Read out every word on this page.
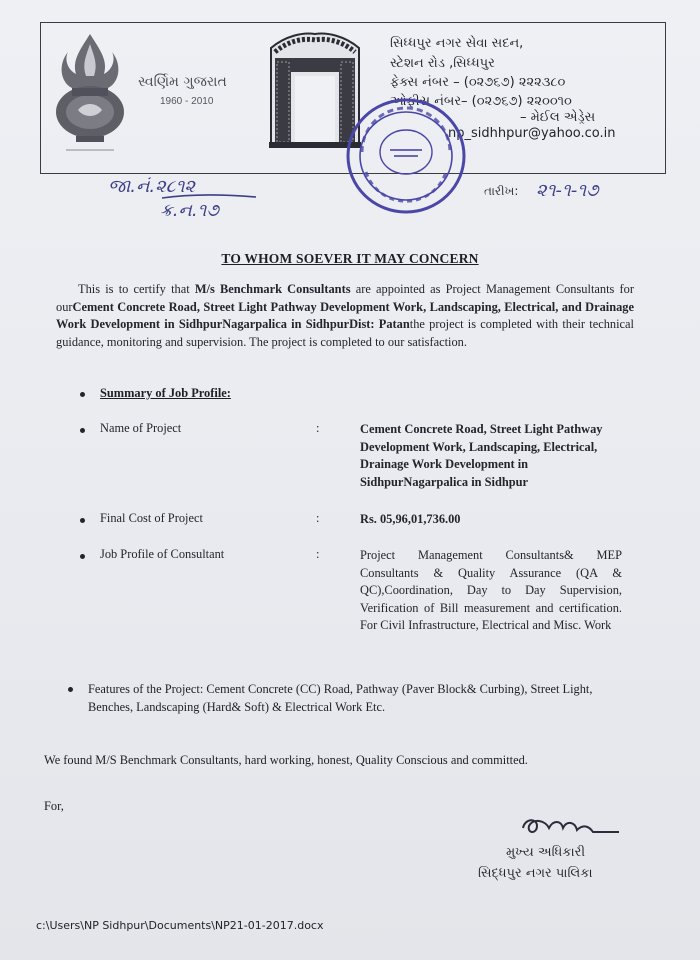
સ્વર્ણિમ ગુજરાત
1960 - 2010
સિધ્ધપુર નગર સેવા સદન,
સ્ટેશન રોડ ,સિધ્ધપુર
ફેક્સ નંબર – (૦૨૭૬૭) ૨૨૨૩૮૦
ઓફીસ નંબર– (૦૨૭૬૭) ૨૨૦૦૧૦
– મેઈલ એડ્રેસ
np_sidhhpur@yahoo.co.in
જા.નં.૨૮૧૨
ક્ર.ન.૧૭
તારીખ: ૨૧-૧-૧૭
TO WHOM SOEVER IT MAY CONCERN
This is to certify that M/s Benchmark Consultants are appointed as Project Management Consultants for ourCement Concrete Road, Street Light Pathway Development Work, Landscaping, Electrical, and Drainage Work Development in SidhpurNagarpalica in SidhpurDist: Patanthe project is completed with their technical guidance, monitoring and supervision. The project is completed to our satisfaction.
Summary of Job Profile:
Name of Project	:	Cement Concrete Road, Street Light Pathway Development Work, Landscaping, Electrical, Drainage Work Development in SidhpurNagarpalica in Sidhpur
Final Cost of Project	:	Rs. 05,96,01,736.00
Job Profile of Consultant	:	Project Management Consultants& MEP Consultants & Quality Assurance (QA & QC),Coordination, Day to Day Supervision, Verification of Bill measurement and certification. For Civil Infrastructure, Electrical and Misc. Work
Features of the Project: Cement Concrete (CC) Road, Pathway (Paver Block& Curbing), Street Light, Benches, Landscaping (Hard& Soft) & Electrical Work Etc.
We found M/S Benchmark Consultants, hard working, honest, Quality Conscious and committed.
For,
મુખ્ય અધિકારી
સિદ્ધપુર નગર પાલિકા
c:\Users\NP Sidhpur\Documents\NP21-01-2017.docx
